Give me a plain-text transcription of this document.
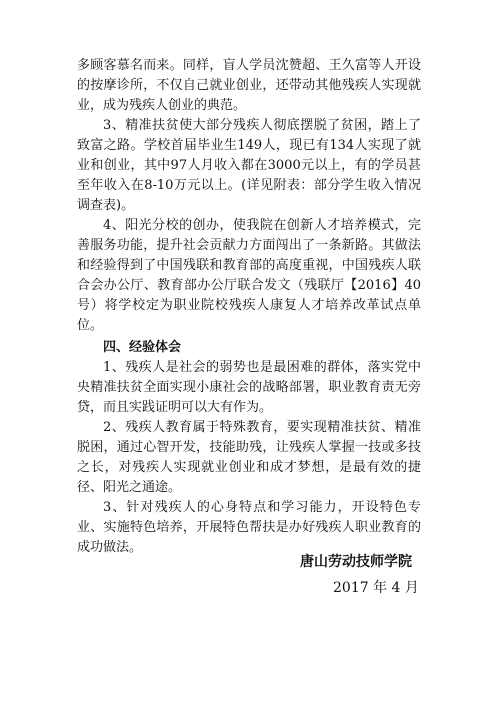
多顾客慕名而来。同样，盲人学员沈赞超、王久富等人开设的按摩诊所，不仅自己就业创业，还带动其他残疾人实现就业，成为残疾人创业的典范。

3、精准扶贫使大部分残疾人彻底摆脱了贫困，踏上了致富之路。学校首届毕业生149人，现已有134人实现了就业和创业，其中97人月收入都在3000元以上，有的学员甚至年收入在8-10万元以上。(详见附表：部分学生收入情况调查表)。

4、阳光分校的创办，使我院在创新人才培养模式，完善服务功能，提升社会贡献力方面闯出了一条新路。其做法和经验得到了中国残联和教育部的高度重视，中国残疾人联合会办公厅、教育部办公厅联合发文（残联厅【2016】40号）将学校定为职业院校残疾人康复人才培养改革试点单位。

四、经验体会

1、残疾人是社会的弱势也是最困难的群体，落实党中央精准扶贫全面实现小康社会的战略部署，职业教育责无旁贷，而且实践证明可以大有作为。

2、残疾人教育属于特殊教育，要实现精准扶贫、精准脱困，通过心智开发，技能助残，让残疾人掌握一技或多技之长，对残疾人实现就业创业和成才梦想，是最有效的捷径、阳光之通途。

3、针对残疾人的心身特点和学习能力，开设特色专业、实施特色培养，开展特色帮扶是办好残疾人职业教育的成功做法。

唐山劳动技师学院
2017 年 4 月
